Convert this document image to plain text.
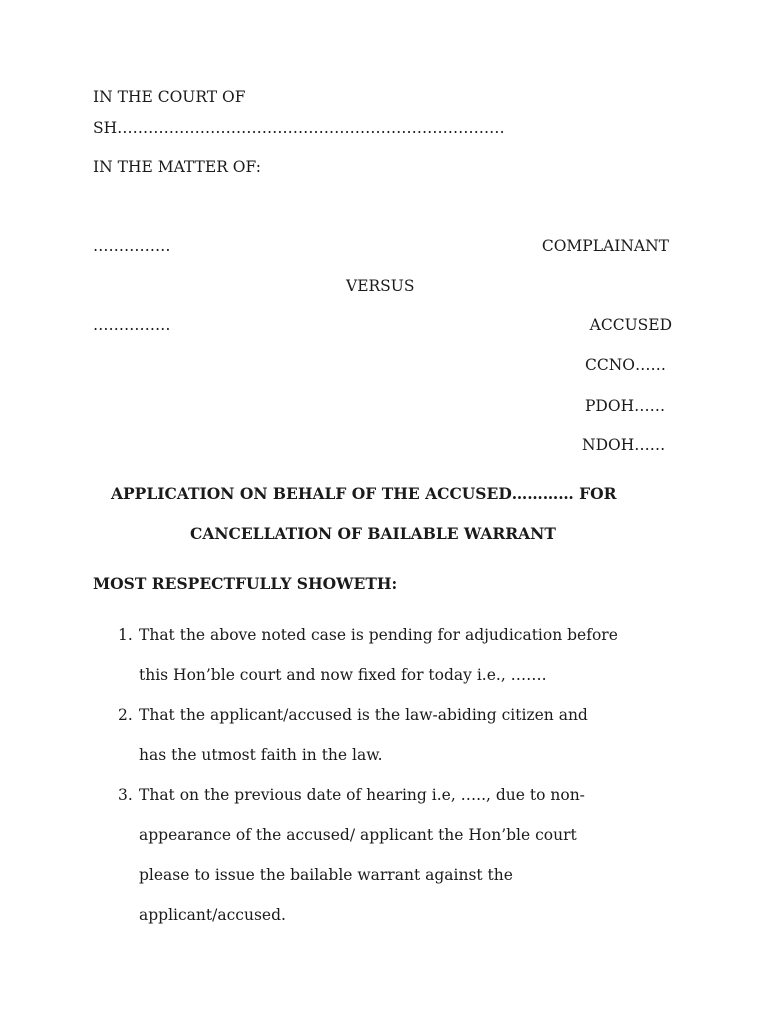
IN THE COURT OF
SH…………………………………………………………………
IN THE MATTER OF:
……………	COMPLAINANT
VERSUS
……………	ACCUSED
CCNO……
PDOH……
NDOH……
APPLICATION ON BEHALF OF THE ACCUSED………… FOR
CANCELLATION OF BAILABLE WARRANT
MOST RESPECTFULLY SHOWETH:
1. That the above noted case is pending for adjudication before
this Hon’ble court and now fixed for today i.e., …….
2. That the applicant/accused is the law-abiding citizen and
has the utmost faith in the law.
3. That on the previous date of hearing i.e, ….., due to non-
appearance of the accused/ applicant the Hon’ble court
please to issue the bailable warrant against the
applicant/accused.
